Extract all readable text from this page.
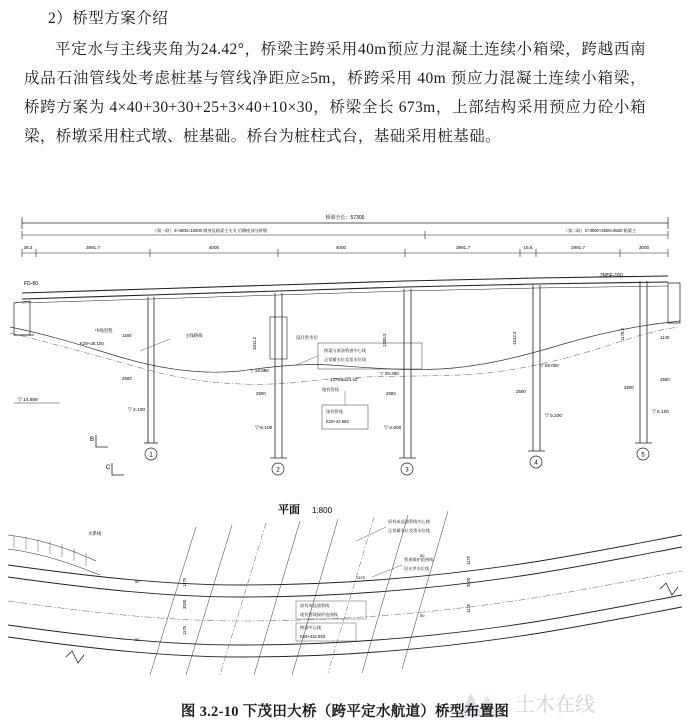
2）桥型方案介绍
平定水与主线夹角为24.42°，桥梁主跨采用40m预应力混凝土连续小箱梁，跨越西南成品石油管线处考虑桩基与管线净距应≥5m，桥跨采用 40m 预应力混凝土连续小箱梁，桥跨方案为 4×40+30+30+25+3×40+10×30，桥梁全长 673m，上部结构采用预应力砼小箱梁，桥墩采用柱式墩、桩基础。桥台为桩柱式台，基础采用桩基础。
桥梁全长：57300
（第一联）4×4000=16000 墩身及箱梁主支支 后侧座部分桥墩	（第二联）2×3000+2500=8500 箱梁主
38.3	3991.7	4000	4000	3991.7	16.6	2991.7	3000
FD-80
2M5F-160
▽ 14.669
中线里程
K29+28.100
主线路线
1
1160
2500
▽ 4.100
2
1611.2
2500
▽ 19.886
▽-5.100
桥梁与原油管道中心线
正常蓄水位及常水位线
设计洪水位
1376/φ±24.42°
现有管线
现有管线
K29+42.893
3
1200.3
2500
▽ 20.400
▽-4.600
4
1512.3
2500
▽ 29.000
▽ 0.200
5
1178.2
2500
1140
2500
▽ 5.100
B
C
平面 1:800
水系线
原有成品油管线中心线
正常蓄水位及常水位线
管道保护范围线
设计洪水位线
原有成品油管线
现有管线保护范围线
桥梁中心线
K29+422.893
1175
3000
1175
1175
3000
1175
50
50
50
50
1375
土木在线
图 3.2-10 下茂田大桥（跨平定水航道）桥型布置图
